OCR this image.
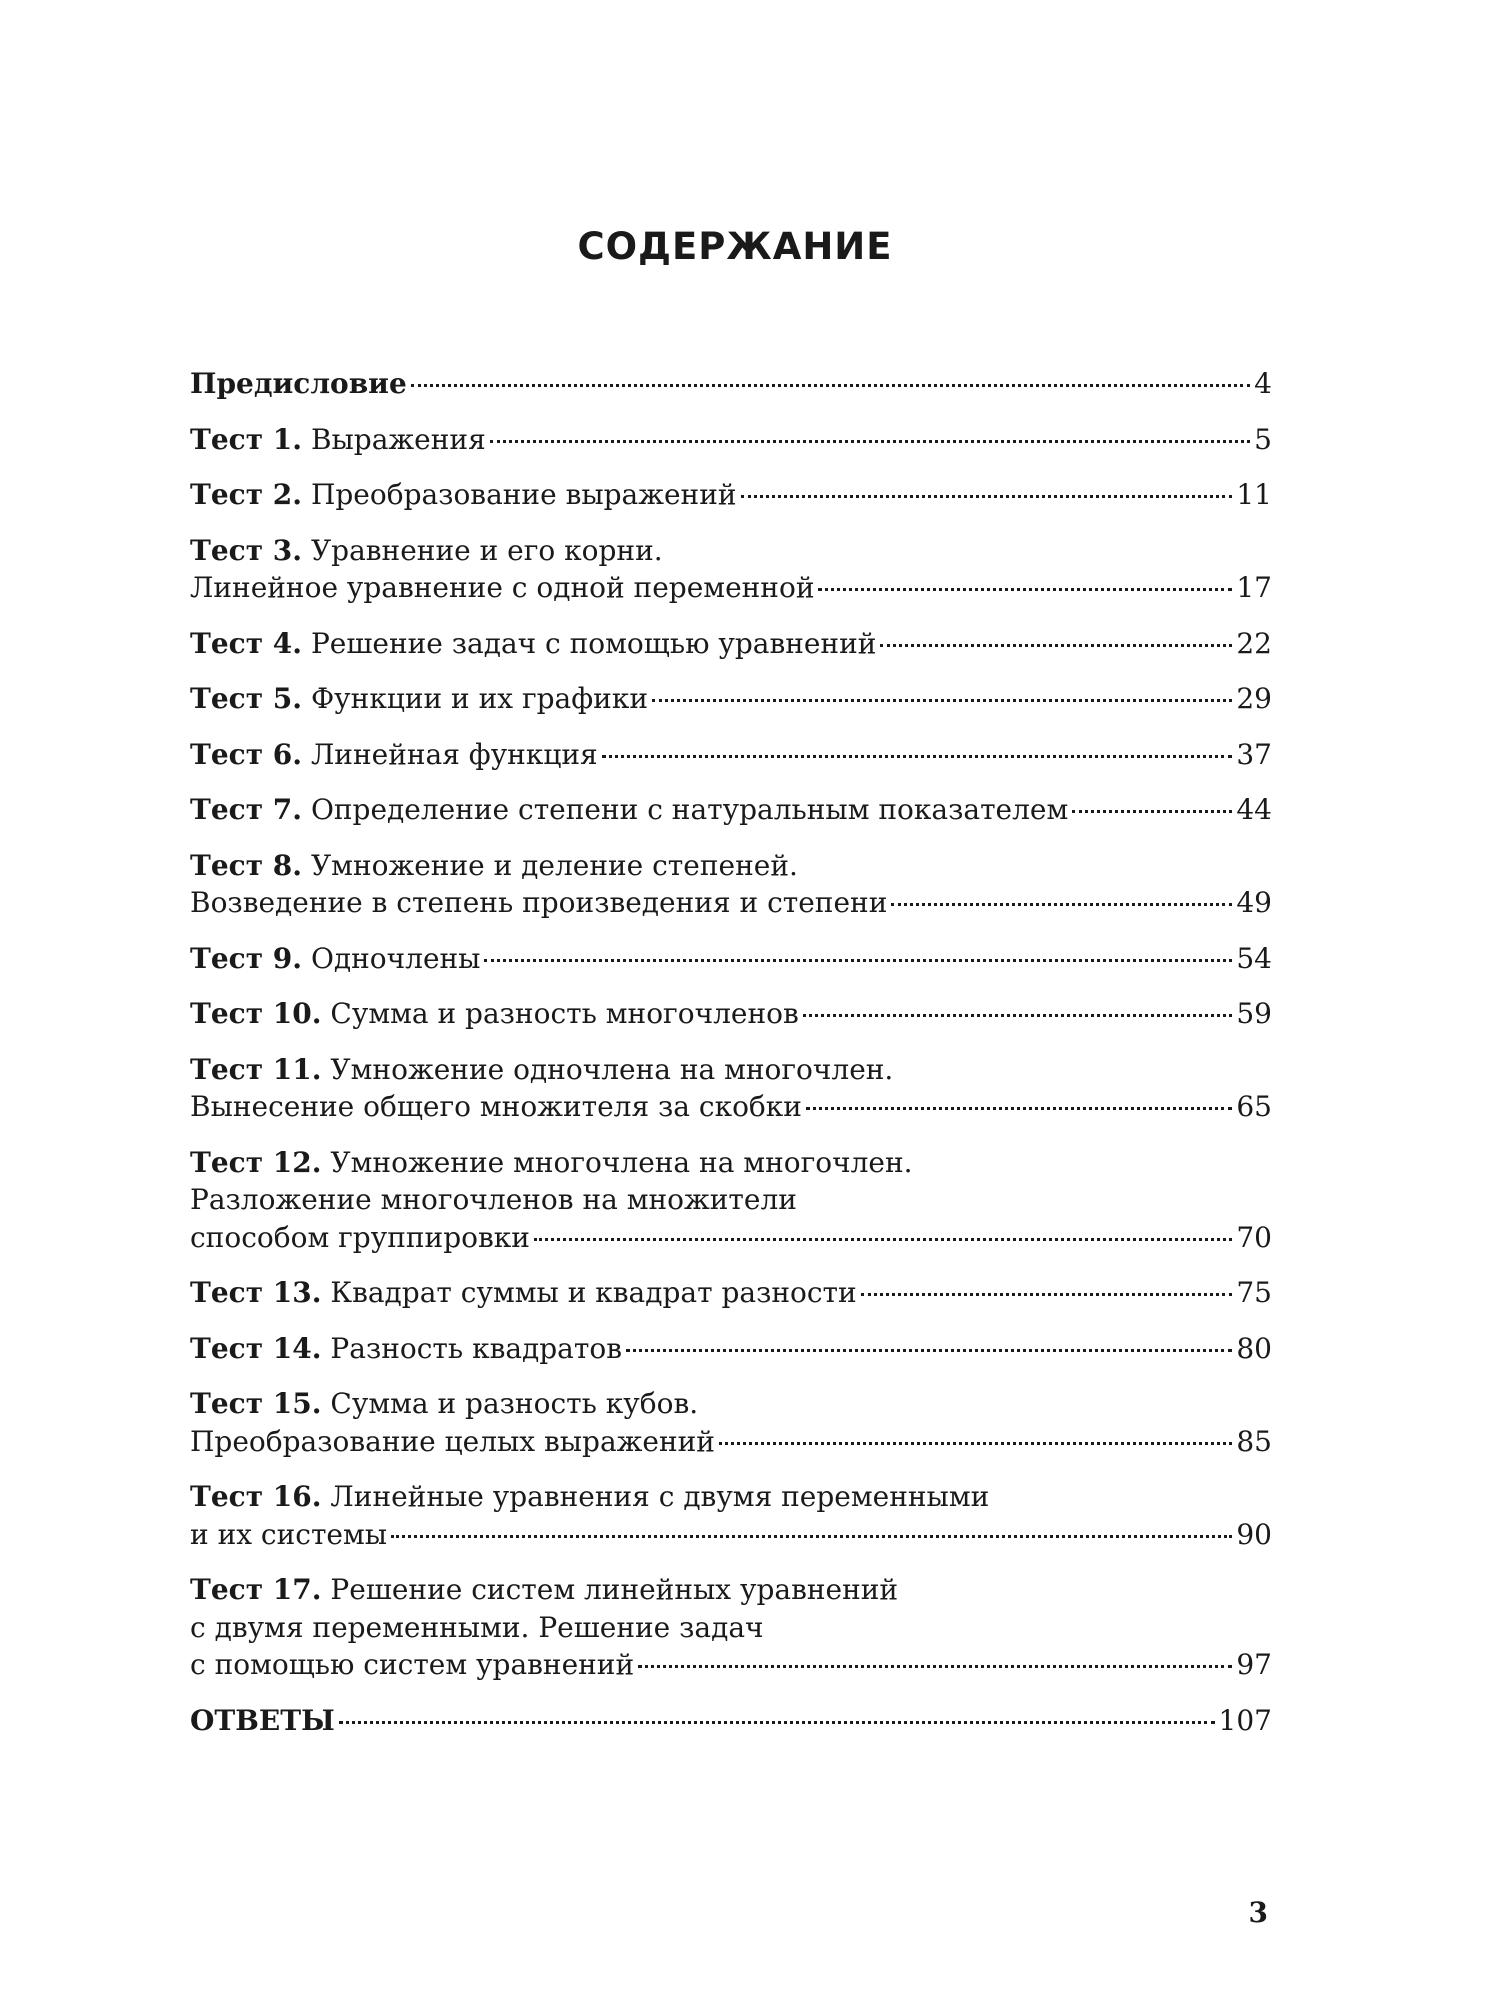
СОДЕРЖАНИЕ
Предисловие	4
Тест 1. Выражения	5
Тест 2. Преобразование выражений	11
Тест 3. Уравнение и его корни.
Линейное уравнение с одной переменной	17
Тест 4. Решение задач с помощью уравнений	22
Тест 5. Функции и их графики	29
Тест 6. Линейная функция	37
Тест 7. Определение степени с натуральным показателем	44
Тест 8. Умножение и деление степеней.
Возведение в степень произведения и степени	49
Тест 9. Одночлены	54
Тест 10. Сумма и разность многочленов	59
Тест 11. Умножение одночлена на многочлен.
Вынесение общего множителя за скобки	65
Тест 12. Умножение многочлена на многочлен.
Разложение многочленов на множители
способом группировки	70
Тест 13. Квадрат суммы и квадрат разности	75
Тест 14. Разность квадратов	80
Тест 15. Сумма и разность кубов.
Преобразование целых выражений	85
Тест 16. Линейные уравнения с двумя переменными
и их системы	90
Тест 17. Решение систем линейных уравнений
с двумя переменными. Решение задач
с помощью систем уравнений	97
ОТВЕТЫ	107
3
